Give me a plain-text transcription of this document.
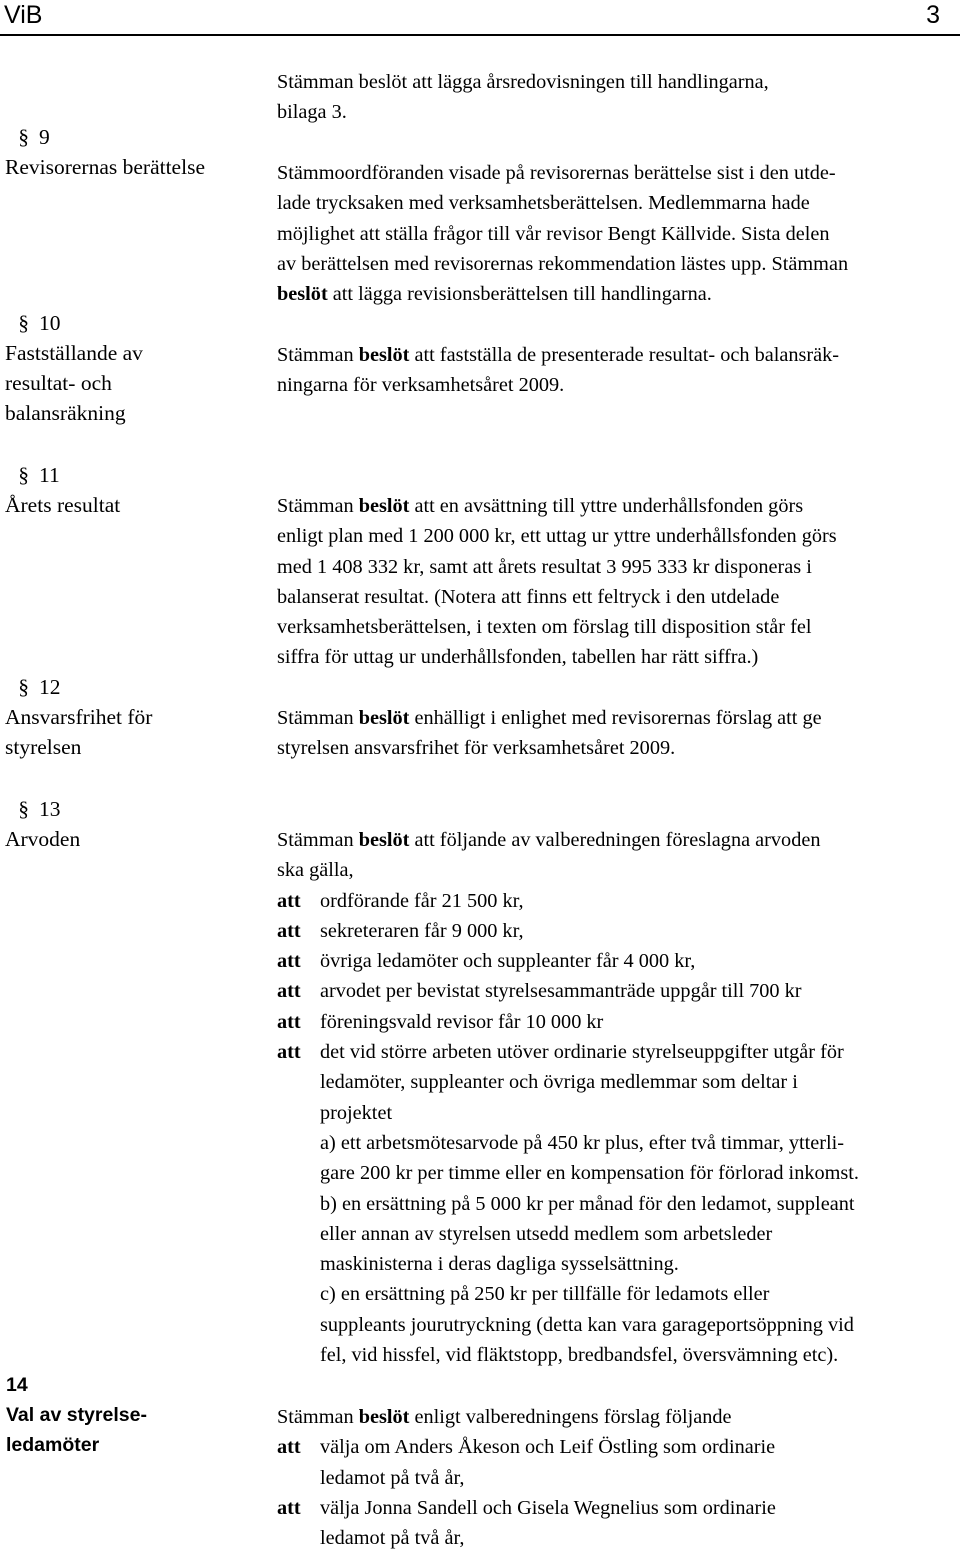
ViB	3
§ 9
Revisorernas berättelse
§ 10
Fastställande av
resultat- och
balansräkning
§ 11
Årets resultat
§ 12
Ansvarsfrihet för
styrelsen
§ 13
Arvoden
14
Val av styrelse-
ledamöter
Stämman beslöt att lägga årsredovisningen till handlingarna,
bilaga 3.
Stämmoordföranden visade på revisorernas berättelse sist i den utde-
lade trycksaken med verksamhetsberättelsen. Medlemmarna hade
möjlighet att ställa frågor till vår revisor Bengt Källvide. Sista delen
av berättelsen med revisorernas rekommendation lästes upp. Stämman
beslöt att lägga revisionsberättelsen till handlingarna.
Stämman beslöt att fastställa de presenterade resultat- och balansräk-
ningarna för verksamhetsåret 2009.
Stämman beslöt att en avsättning till yttre underhållsfonden görs
enligt plan med 1 200 000 kr, ett uttag ur yttre underhållsfonden görs
med 1 408 332 kr, samt att årets resultat 3 995 333 kr disponeras i
balanserat resultat. (Notera att finns ett feltryck i den utdelade
verksamhetsberättelsen, i texten om förslag till disposition står fel
siffra för uttag ur underhållsfonden, tabellen har rätt siffra.)
Stämman beslöt enhälligt i enlighet med revisorernas förslag att ge
styrelsen ansvarsfrihet för verksamhetsåret 2009.
Stämman beslöt att följande av valberedningen föreslagna arvoden
ska gälla,
att ordförande får 21 500 kr,
att sekreteraren får 9 000 kr,
att övriga ledamöter och suppleanter får 4 000 kr,
att arvodet per bevistat styrelsesammanträde uppgår till 700 kr
att föreningsvald revisor får 10 000 kr
att det vid större arbeten utöver ordinarie styrelseuppgifter utgår för
ledamöter, suppleanter och övriga medlemmar som deltar i
projektet
a) ett arbetsmötesarvode på 450 kr plus, efter två timmar, ytterli-
gare 200 kr per timme eller en kompensation för förlorad inkomst.
b) en ersättning på 5 000 kr per månad för den ledamot, suppleant
eller annan av styrelsen utsedd medlem som arbetsleder
maskinisterna i deras dagliga sysselsättning.
c) en ersättning på 250 kr per tillfälle för ledamots eller
suppleants jourutryckning (detta kan vara garageportsöppning vid
fel, vid hissfel, vid fläktstopp, bredbandsfel, översvämning etc).
Stämman beslöt enligt valberedningens förslag följande
att välja om Anders Åkeson och Leif Östling som ordinarie
ledamot på två år,
att välja Jonna Sandell och Gisela Wegnelius som ordinarie
ledamot på två år,
